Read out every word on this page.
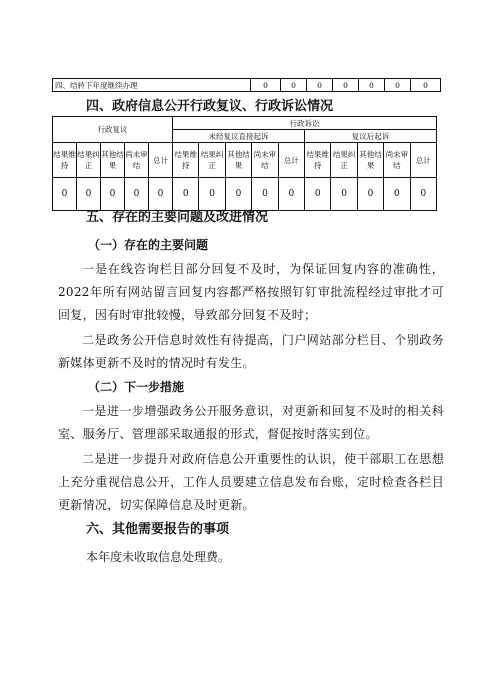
四、结转下年度继续办理	0	0	0	0	0	0	0
四、政府信息公开行政复议、行政诉讼情况
行政复议					行政诉讼									
					未经复议直接起诉					复议后起诉				
结果维持	结果纠正	其他结果	尚未审结	总计	结果维持	结果纠正	其他结果	尚未审结	总计	结果维持	结果纠正	其他结果	尚未审结	总计
0	0	0	0	0	0	0	0	0	0	0	0	0	0	0
五、存在的主要问题及改进情况
（一）存在的主要问题

一是在线咨询栏目部分回复不及时，为保证回复内容的准确性，2022年所有网站留言回复内容都严格按照钉钉审批流程经过审批才可回复，因有时审批较慢，导致部分回复不及时；

二是政务公开信息时效性有待提高，门户网站部分栏目、个别政务新媒体更新不及时的情况时有发生。

（二）下一步措施

一是进一步增强政务公开服务意识，对更新和回复不及时的相关科室、服务厅、管理部采取通报的形式，督促按时落实到位。

二是进一步提升对政府信息公开重要性的认识，使干部职工在思想上充分重视信息公开，工作人员要建立信息发布台账，定时检查各栏目更新情况，切实保障信息及时更新。

六、其他需要报告的事项

本年度未收取信息处理费。
